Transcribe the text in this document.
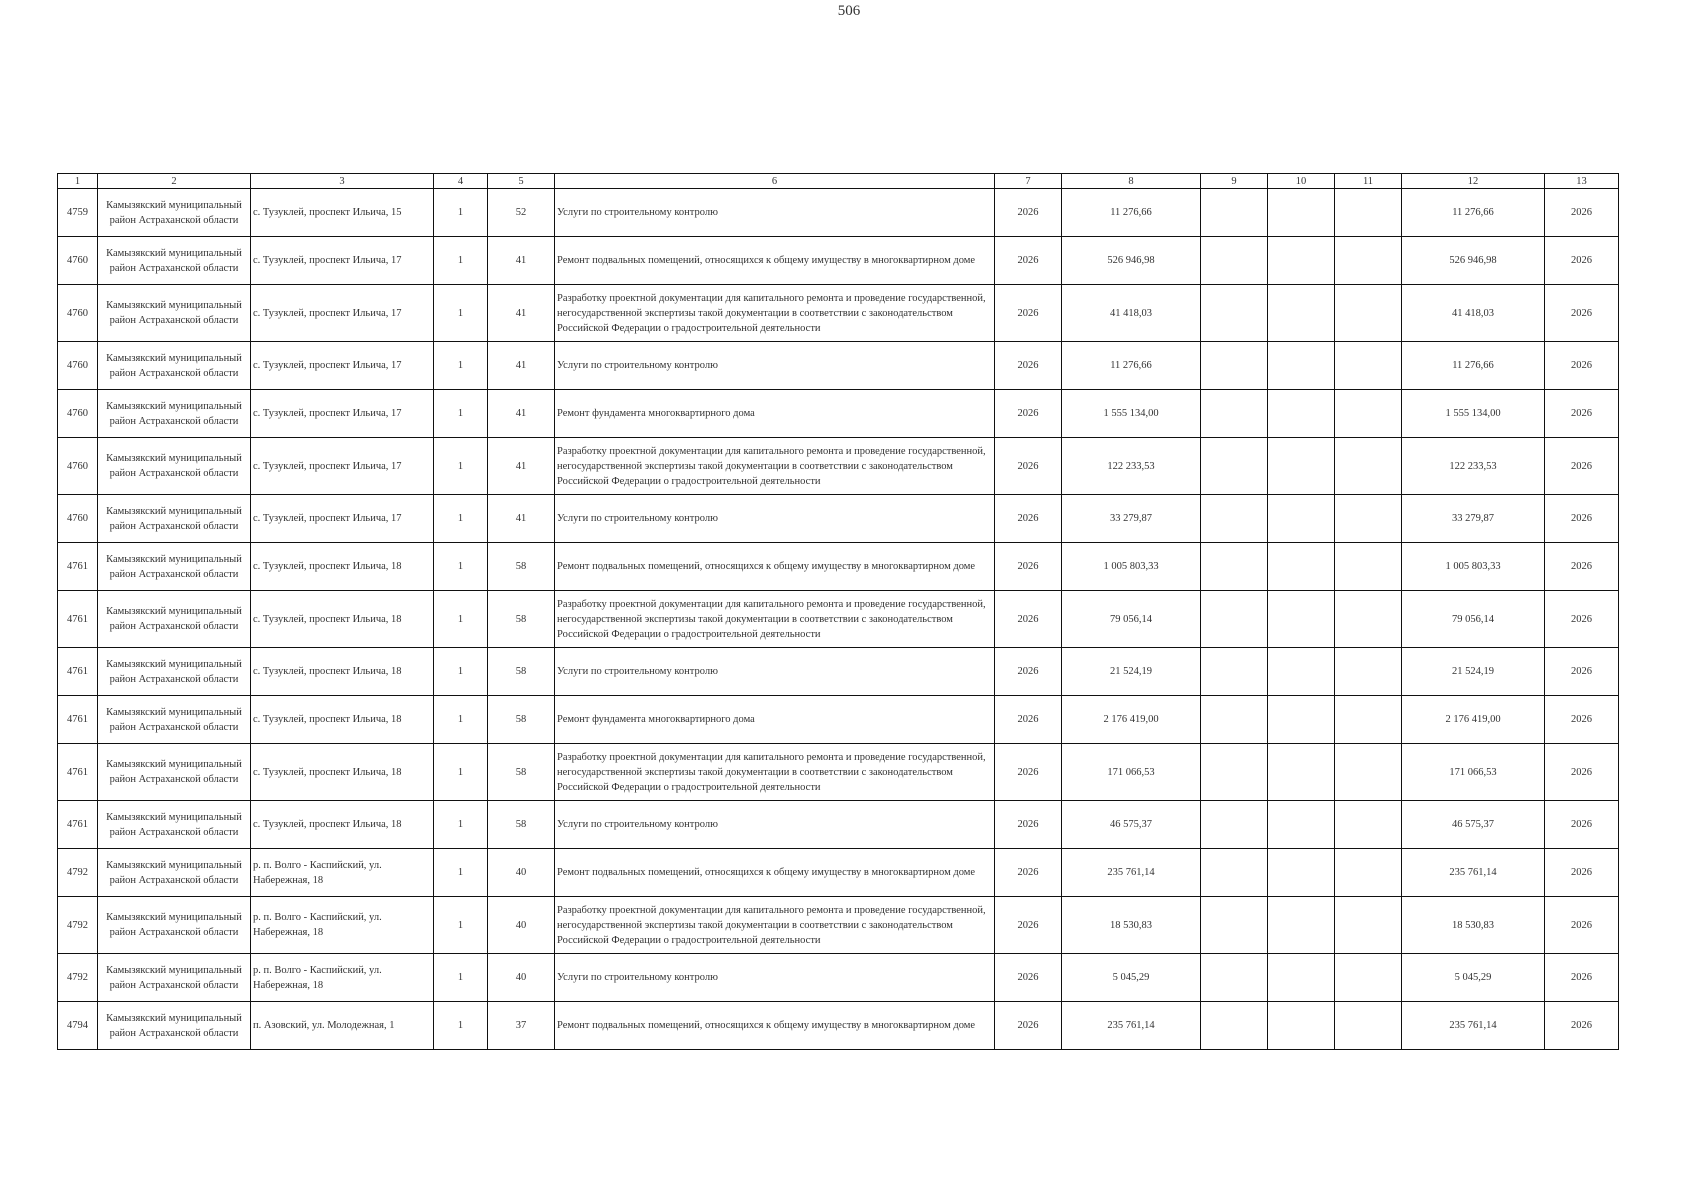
506
1	2	3	4	5	6	7	8	9	10	11	12	13
4759	Камызякский муниципальный район Астраханской области	с. Тузуклей, проспект Ильича, 15	1	52	Услуги по строительному контролю	2026	11 276,66				11 276,66	2026
4760	Камызякский муниципальный район Астраханской области	с. Тузуклей, проспект Ильича, 17	1	41	Ремонт подвальных помещений, относящихся к общему имуществу в многоквартирном доме	2026	526 946,98				526 946,98	2026
4760	Камызякский муниципальный район Астраханской области	с. Тузуклей, проспект Ильича, 17	1	41	Разработку проектной документации для капитального ремонта и проведение государственной, негосударственной экспертизы такой документации в соответствии с законодательством Российской Федерации о градостроительной деятельности	2026	41 418,03				41 418,03	2026
4760	Камызякский муниципальный район Астраханской области	с. Тузуклей, проспект Ильича, 17	1	41	Услуги по строительному контролю	2026	11 276,66				11 276,66	2026
4760	Камызякский муниципальный район Астраханской области	с. Тузуклей, проспект Ильича, 17	1	41	Ремонт фундамента многоквартирного дома	2026	1 555 134,00				1 555 134,00	2026
4760	Камызякский муниципальный район Астраханской области	с. Тузуклей, проспект Ильича, 17	1	41	Разработку проектной документации для капитального ремонта и проведение государственной, негосударственной экспертизы такой документации в соответствии с законодательством Российской Федерации о градостроительной деятельности	2026	122 233,53				122 233,53	2026
4760	Камызякский муниципальный район Астраханской области	с. Тузуклей, проспект Ильича, 17	1	41	Услуги по строительному контролю	2026	33 279,87				33 279,87	2026
4761	Камызякский муниципальный район Астраханской области	с. Тузуклей, проспект Ильича, 18	1	58	Ремонт подвальных помещений, относящихся к общему имуществу в многоквартирном доме	2026	1 005 803,33				1 005 803,33	2026
4761	Камызякский муниципальный район Астраханской области	с. Тузуклей, проспект Ильича, 18	1	58	Разработку проектной документации для капитального ремонта и проведение государственной, негосударственной экспертизы такой документации в соответствии с законодательством Российской Федерации о градостроительной деятельности	2026	79 056,14				79 056,14	2026
4761	Камызякский муниципальный район Астраханской области	с. Тузуклей, проспект Ильича, 18	1	58	Услуги по строительному контролю	2026	21 524,19				21 524,19	2026
4761	Камызякский муниципальный район Астраханской области	с. Тузуклей, проспект Ильича, 18	1	58	Ремонт фундамента многоквартирного дома	2026	2 176 419,00				2 176 419,00	2026
4761	Камызякский муниципальный район Астраханской области	с. Тузуклей, проспект Ильича, 18	1	58	Разработку проектной документации для капитального ремонта и проведение государственной, негосударственной экспертизы такой документации в соответствии с законодательством Российской Федерации о градостроительной деятельности	2026	171 066,53				171 066,53	2026
4761	Камызякский муниципальный район Астраханской области	с. Тузуклей, проспект Ильича, 18	1	58	Услуги по строительному контролю	2026	46 575,37				46 575,37	2026
4792	Камызякский муниципальный район Астраханской области	р. п. Волго - Каспийский, ул. Набережная, 18	1	40	Ремонт подвальных помещений, относящихся к общему имуществу в многоквартирном доме	2026	235 761,14				235 761,14	2026
4792	Камызякский муниципальный район Астраханской области	р. п. Волго - Каспийский, ул. Набережная, 18	1	40	Разработку проектной документации для капитального ремонта и проведение государственной, негосударственной экспертизы такой документации в соответствии с законодательством Российской Федерации о градостроительной деятельности	2026	18 530,83				18 530,83	2026
4792	Камызякский муниципальный район Астраханской области	р. п. Волго - Каспийский, ул. Набережная, 18	1	40	Услуги по строительному контролю	2026	5 045,29				5 045,29	2026
4794	Камызякский муниципальный район Астраханской области	п. Азовский, ул. Молодежная, 1	1	37	Ремонт подвальных помещений, относящихся к общему имуществу в многоквартирном доме	2026	235 761,14				235 761,14	2026
